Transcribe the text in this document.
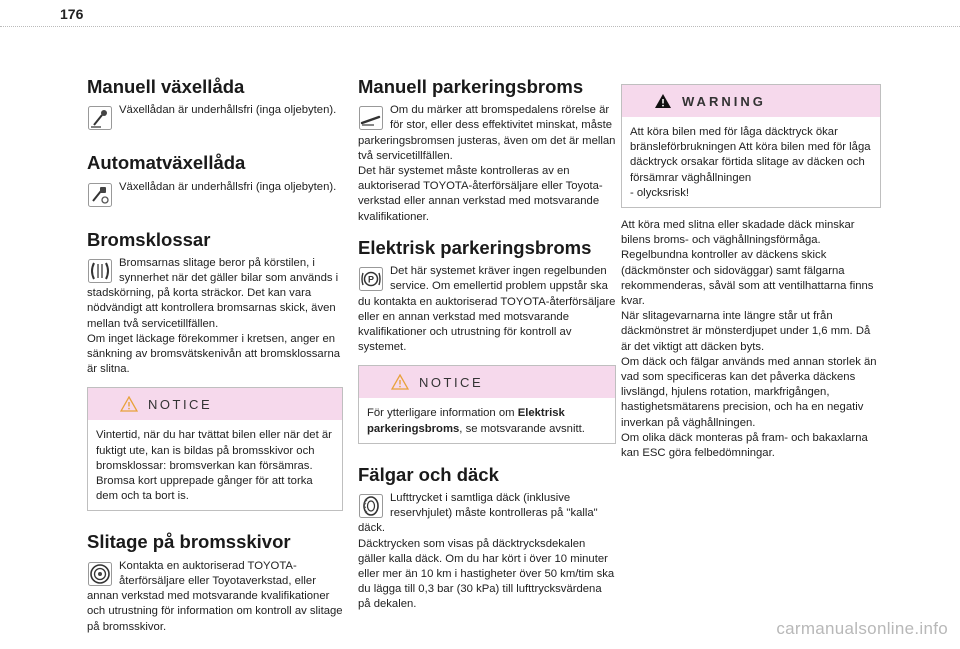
176
Manuell växellåda

Växellådan är underhållsfri (inga oljebyten).

Automatväxellåda

Växellådan är underhållsfri (inga oljebyten).

Bromsklossar

Bromsarnas slitage beror på körstilen, i synnerhet när det gäller bilar som används i stadskörning, på korta sträckor. Det kan vara nödvändigt att kontrollera bromsarnas skick, även mellan två servicetillfällen.

Om inget läckage förekommer i kretsen, anger en sänkning av bromsvätskenivån att bromsklossarna är slitna.

NOTICE
Vintertid, när du har tvättat bilen eller när det är fuktigt ute, kan is bildas på bromsskivor och bromsklossar: bromsverkan kan försämras. Bromsa kort upprepade gånger för att torka dem och ta bort is.
Slitage på bromsskivor

Kontakta en auktoriserad TOYOTA-återförsäljare eller Toyotaverkstad, eller annan verkstad med motsvarande kvalifikationer och utrustning för information om kontroll av slitage på bromsskivor.

Manuell parkeringsbroms

Om du märker att bromspedalens rörelse är för stor, eller dess effektivitet minskat, måste parkeringsbromsen justeras, även om det är mellan två servicetillfällen.

Det här systemet måste kontrolleras av en auktoriserad TOYOTA-återförsäljare eller Toyota-verkstad eller annan verkstad med motsvarande kvalifikationer.

Elektrisk parkeringsbroms
P

Det här systemet kräver ingen regelbunden service. Om emellertid problem uppstår ska du kontakta en auktoriserad TOYOTA-återförsäljare eller en annan verkstad med motsvarande kvalifikationer och utrustning för kontroll av systemet.

NOTICE
För ytterligare information om Elektrisk parkeringsbroms, se motsvarande avsnitt.
Fälgar och däck

Lufttrycket i samtliga däck (inklusive reservhjulet) måste kontrolleras på "kalla" däck.

Däcktrycken som visas på däcktrycksdekalen gäller kalla däck. Om du har kört i över 10 minuter eller mer än 10 km i hastigheter över 50 km/tim ska du lägga till 0,3 bar (30 kPa) till lufttrycksvärdena på dekalen.

WARNING
Att köra bilen med för låga däcktryck ökar bränsleförbrukningen Att köra bilen med för låga däcktryck orsakar förtida slitage av däcken och försämrar väghållningen
- olycksrisk!

Att köra med slitna eller skadade däck minskar bilens broms- och väghållningsförmåga.

Regelbundna kontroller av däckens skick (däckmönster och sidoväggar) samt fälgarna rekommenderas, såväl som att ventilhattarna finns kvar.

När slitagevarnarna inte längre står ut från däckmönstret är mönsterdjupet under 1,6 mm. Då är det viktigt att däcken byts.

Om däck och fälgar används med annan storlek än vad som specificeras kan det påverka däckens livslängd, hjulens rotation, markfrigången, hastighetsmätarens precision, och ha en negativ inverkan på väghållningen.

Om olika däck monteras på fram- och bakaxlarna kan ESC göra felbedömningar.

carmanualsonline.info
